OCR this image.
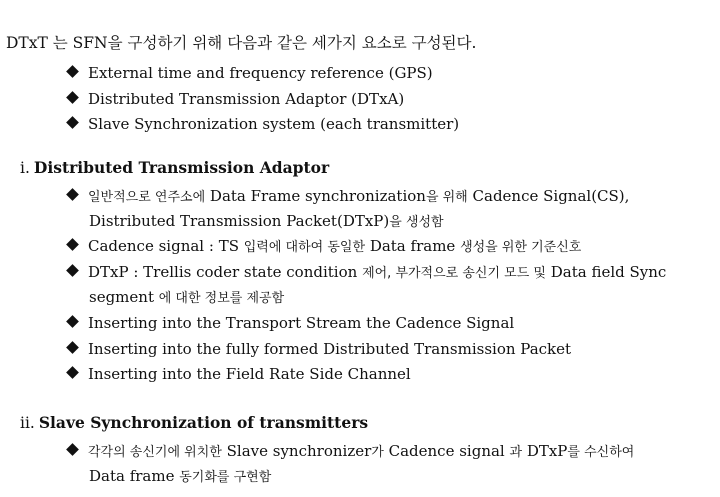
DTxT 는 SFN을 구성하기 위해 다음과 같은 세가지 요소로 구성된다.
External time and frequency reference (GPS)
Distributed Transmission Adaptor (DTxA)
Slave Synchronization system (each transmitter)
ⅰ. Distributed Transmission Adaptor
일반적으로 연주소에 Data Frame synchronization을 위해 Cadence Signal(CS),
Distributed Transmission Packet(DTxP)을 생성함
Cadence signal : TS 입력에 대하여 동일한 Data frame 생성을 위한 기준신호
DTxP : Trellis coder state condition 제어, 부가적으로 송신기 모드 및 Data field Sync
segment 에 대한 정보를 제공함
Inserting into the Transport Stream the Cadence Signal
Inserting into the fully formed Distributed Transmission Packet
Inserting into the Field Rate Side Channel
ⅱ. Slave Synchronization of transmitters
각각의 송신기에 위치한 Slave synchronizer가 Cadence signal 과 DTxP를 수신하여
Data frame 동기화를 구현함
